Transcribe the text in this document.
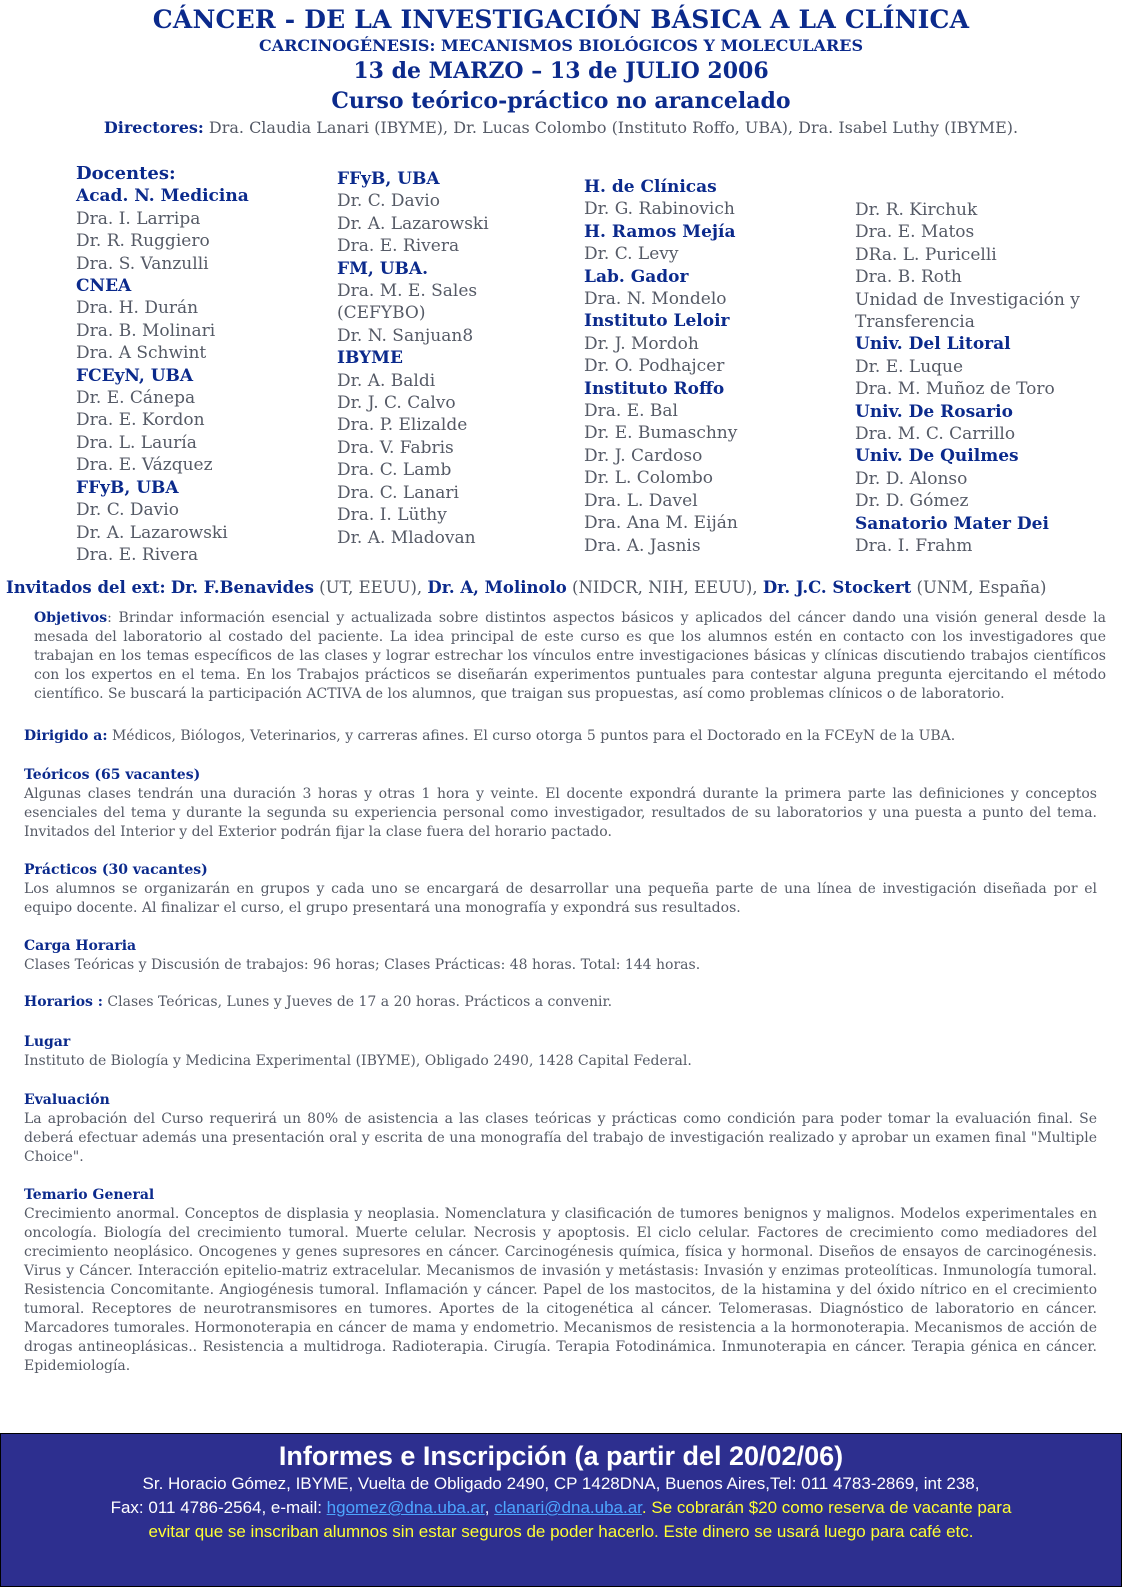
CÁNCER - DE LA INVESTIGACIÓN BÁSICA A LA CLÍNICA
CARCINOGÉNESIS: MECANISMOS BIOLÓGICOS Y MOLECULARES
13 de MARZO – 13 de JULIO 2006
Curso teórico-práctico no arancelado
Directores: Dra. Claudia Lanari (IBYME), Dr. Lucas Colombo (Instituto Roffo, UBA), Dra. Isabel Luthy (IBYME).
Docentes:
Acad. N. Medicina
Dra. I. Larripa
Dr. R. Ruggiero
Dra. S. Vanzulli
CNEA
Dra. H. Durán
Dra. B. Molinari
Dra. A Schwint
FCEyN, UBA
Dr. E. Cánepa
Dra. E. Kordon
Dra. L. Lauría
Dra. E. Vázquez
FFyB, UBA
Dr. C. Davio
Dr. A. Lazarowski
Dra. E. Rivera
FFyB, UBA
Dr. C. Davio
Dr. A. Lazarowski
Dra. E. Rivera
FM, UBA.
Dra. M. E. Sales
(CEFYBO)
Dr. N. Sanjuan8
IBYME
Dr. A. Baldi
Dr. J. C. Calvo
Dra. P. Elizalde
Dra. V. Fabris
Dra. C. Lamb
Dra. C. Lanari
Dra. I. Lüthy
Dr. A. Mladovan
H. de Clínicas
Dr. G. Rabinovich
H. Ramos Mejía
Dr. C. Levy
Lab. Gador
Dra. N. Mondelo
Instituto Leloir
Dr. J. Mordoh
Dr. O. Podhajcer
Instituto Roffo
Dra. E. Bal
Dr. E. Bumaschny
Dr. J. Cardoso
Dr. L. Colombo
Dra. L. Davel
Dra. Ana M. Eiján
Dra. A. Jasnis
Dr. R. Kirchuk
Dra. E. Matos
DRa. L. Puricelli
Dra. B. Roth
Unidad de Investigación y
Transferencia
Univ. Del Litoral
Dr. E. Luque
Dra. M. Muñoz de Toro
Univ. De Rosario
Dra. M. C. Carrillo
Univ. De Quilmes
Dr. D. Alonso
Dr. D. Gómez
Sanatorio Mater Dei
Dra. I. Frahm
Invitados del ext: Dr. F.Benavides (UT, EEUU), Dr. A, Molinolo (NIDCR, NIH, EEUU), Dr. J.C. Stockert (UNM, España)
Objetivos: Brindar información esencial y actualizada sobre distintos aspectos básicos y aplicados del cáncer dando una visión general desde la mesada del laboratorio al costado del paciente. La idea principal de este curso es que los alumnos estén en contacto con los investigadores que trabajan en los temas específicos de las clases y lograr estrechar los vínculos entre investigaciones básicas y clínicas discutiendo trabajos científicos con los expertos en el tema. En los Trabajos prácticos se diseñarán experimentos puntuales para contestar alguna pregunta ejercitando el método científico. Se buscará la participación ACTIVA de los alumnos, que traigan sus propuestas, así como problemas clínicos o de laboratorio.
Dirigido a: Médicos, Biólogos, Veterinarios, y carreras afines. El curso otorga 5 puntos para el Doctorado en la FCEyN de la UBA.
Teóricos (65 vacantes)
Algunas clases tendrán una duración 3 horas y otras 1 hora y veinte. El docente expondrá durante la primera parte las definiciones y conceptos esenciales del tema y durante la segunda su experiencia personal como investigador, resultados de su laboratorios y una puesta a punto del tema. Invitados del Interior y del Exterior podrán fijar la clase fuera del horario pactado.
Prácticos (30 vacantes)
Los alumnos se organizarán en grupos y cada uno se encargará de desarrollar una pequeña parte de una línea de investigación diseñada por el equipo docente. Al finalizar el curso, el grupo presentará una monografía y expondrá sus resultados.
Carga Horaria
Clases Teóricas y Discusión de trabajos: 96 horas; Clases Prácticas: 48 horas. Total: 144 horas.
Horarios : Clases Teóricas, Lunes y Jueves de 17 a 20 horas. Prácticos a convenir.
Lugar
Instituto de Biología y Medicina Experimental (IBYME), Obligado 2490, 1428 Capital Federal.
Evaluación
La aprobación del Curso requerirá un 80% de asistencia a las clases teóricas y prácticas como condición para poder tomar la evaluación final. Se deberá efectuar además una presentación oral y escrita de una monografía del trabajo de investigación realizado y aprobar un examen final "Multiple Choice".
Temario General
Crecimiento anormal. Conceptos de displasia y neoplasia. Nomenclatura y clasificación de tumores benignos y malignos. Modelos experimentales en oncología. Biología del crecimiento tumoral. Muerte celular. Necrosis y apoptosis. El ciclo celular. Factores de crecimiento como mediadores del crecimiento neoplásico. Oncogenes y genes supresores en cáncer. Carcinogénesis química, física y hormonal. Diseños de ensayos de carcinogénesis. Virus y Cáncer. Interacción epitelio-matriz extracelular. Mecanismos de invasión y metástasis: Invasión y enzimas proteolíticas. Inmunología tumoral. Resistencia Concomitante. Angiogénesis tumoral. Inflamación y cáncer. Papel de los mastocitos, de la histamina y del óxido nítrico en el crecimiento tumoral. Receptores de neurotransmisores en tumores. Aportes de la citogenética al cáncer. Telomerasas. Diagnóstico de laboratorio en cáncer. Marcadores tumorales. Hormonoterapia en cáncer de mama y endometrio. Mecanismos de resistencia a la hormonoterapia. Mecanismos de acción de drogas antineoplásicas.. Resistencia a multidroga. Radioterapia. Cirugía. Terapia Fotodinámica. Inmunoterapia en cáncer. Terapia génica en cáncer. Epidemiología.
Informes e Inscripción (a partir del 20/02/06)
Sr. Horacio Gómez, IBYME, Vuelta de Obligado 2490, CP 1428DNA, Buenos Aires,Tel: 011 4783-2869, int 238,
Fax: 011 4786-2564, e-mail: hgomez@dna.uba.ar, clanari@dna.uba.ar. Se cobrarán $20 como reserva de vacante para
evitar que se inscriban alumnos sin estar seguros de poder hacerlo. Este dinero se usará luego para café etc.
